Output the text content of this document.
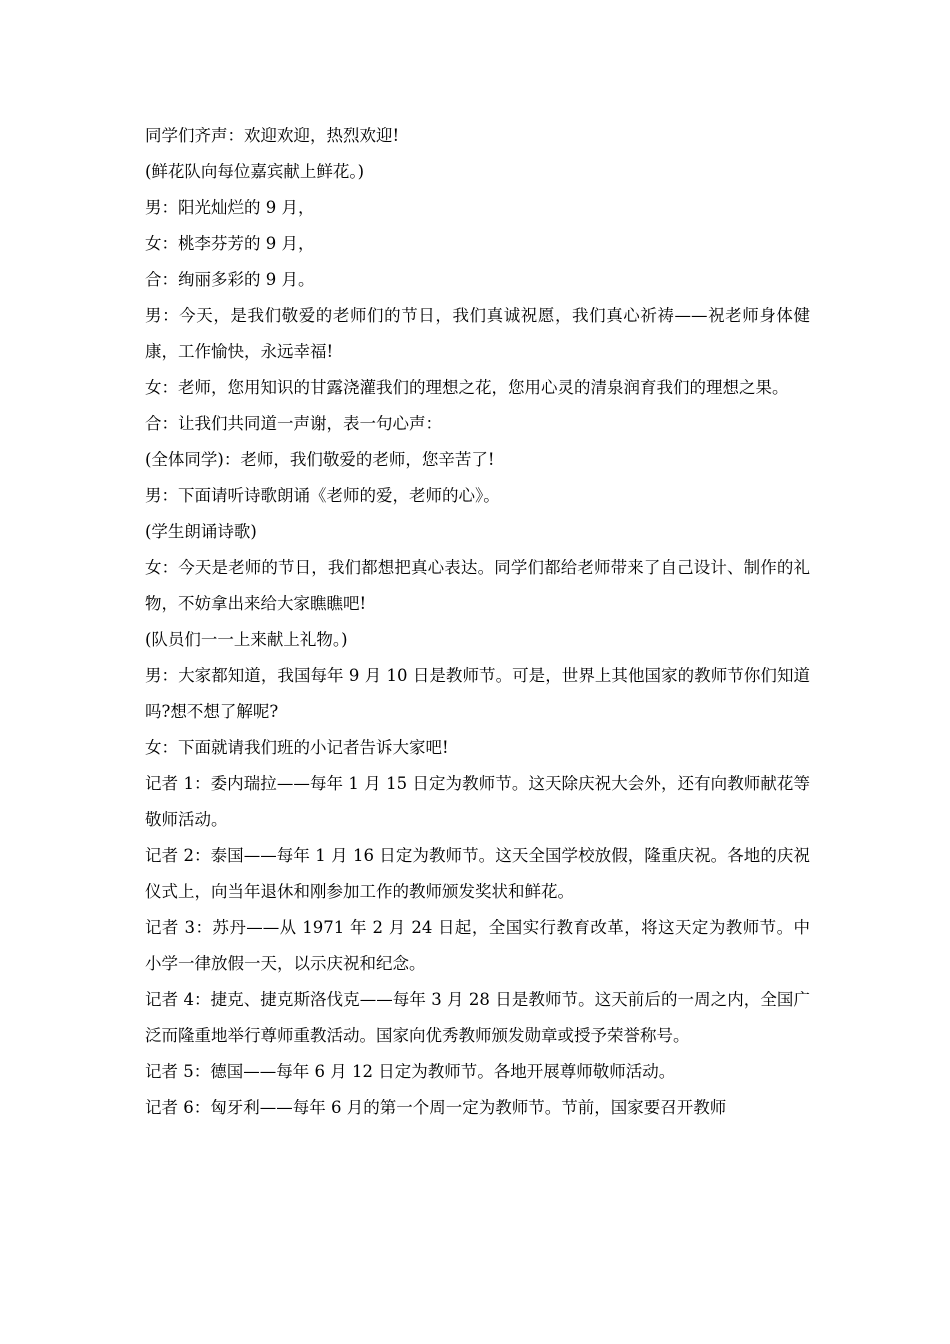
同学们齐声：欢迎欢迎，热烈欢迎!

(鲜花队向每位嘉宾献上鲜花。)

男：阳光灿烂的 9 月，

女：桃李芬芳的 9 月，

合：绚丽多彩的 9 月。

男：今天，是我们敬爱的老师们的节日，我们真诚祝愿，我们真心祈祷——祝老师身体健康，工作愉快，永远幸福!

女：老师，您用知识的甘露浇灌我们的理想之花，您用心灵的清泉润育我们的理想之果。

合：让我们共同道一声谢，表一句心声：

(全体同学)：老师，我们敬爱的老师，您辛苦了!

男：下面请听诗歌朗诵《老师的爱，老师的心》。

(学生朗诵诗歌)

女：今天是老师的节日，我们都想把真心表达。同学们都给老师带来了自己设计、制作的礼物，不妨拿出来给大家瞧瞧吧!

(队员们一一上来献上礼物。)

男：大家都知道，我国每年 9 月 10 日是教师节。可是，世界上其他国家的教师节你们知道吗?想不想了解呢?

女：下面就请我们班的小记者告诉大家吧!

记者 1：委内瑞拉——每年 1 月 15 日定为教师节。这天除庆祝大会外，还有向教师献花等敬师活动。

记者 2：泰国——每年 1 月 16 日定为教师节。这天全国学校放假，隆重庆祝。各地的庆祝仪式上，向当年退休和刚参加工作的教师颁发奖状和鲜花。

记者 3：苏丹——从 1971 年 2 月 24 日起，全国实行教育改革，将这天定为教师节。中小学一律放假一天，以示庆祝和纪念。

记者 4：捷克、捷克斯洛伐克——每年 3 月 28 日是教师节。这天前后的一周之内，全国广泛而隆重地举行尊师重教活动。国家向优秀教师颁发勋章或授予荣誉称号。

记者 5：德国——每年 6 月 12 日定为教师节。各地开展尊师敬师活动。

记者 6：匈牙利——每年 6 月的第一个周一定为教师节。节前，国家要召开教师
